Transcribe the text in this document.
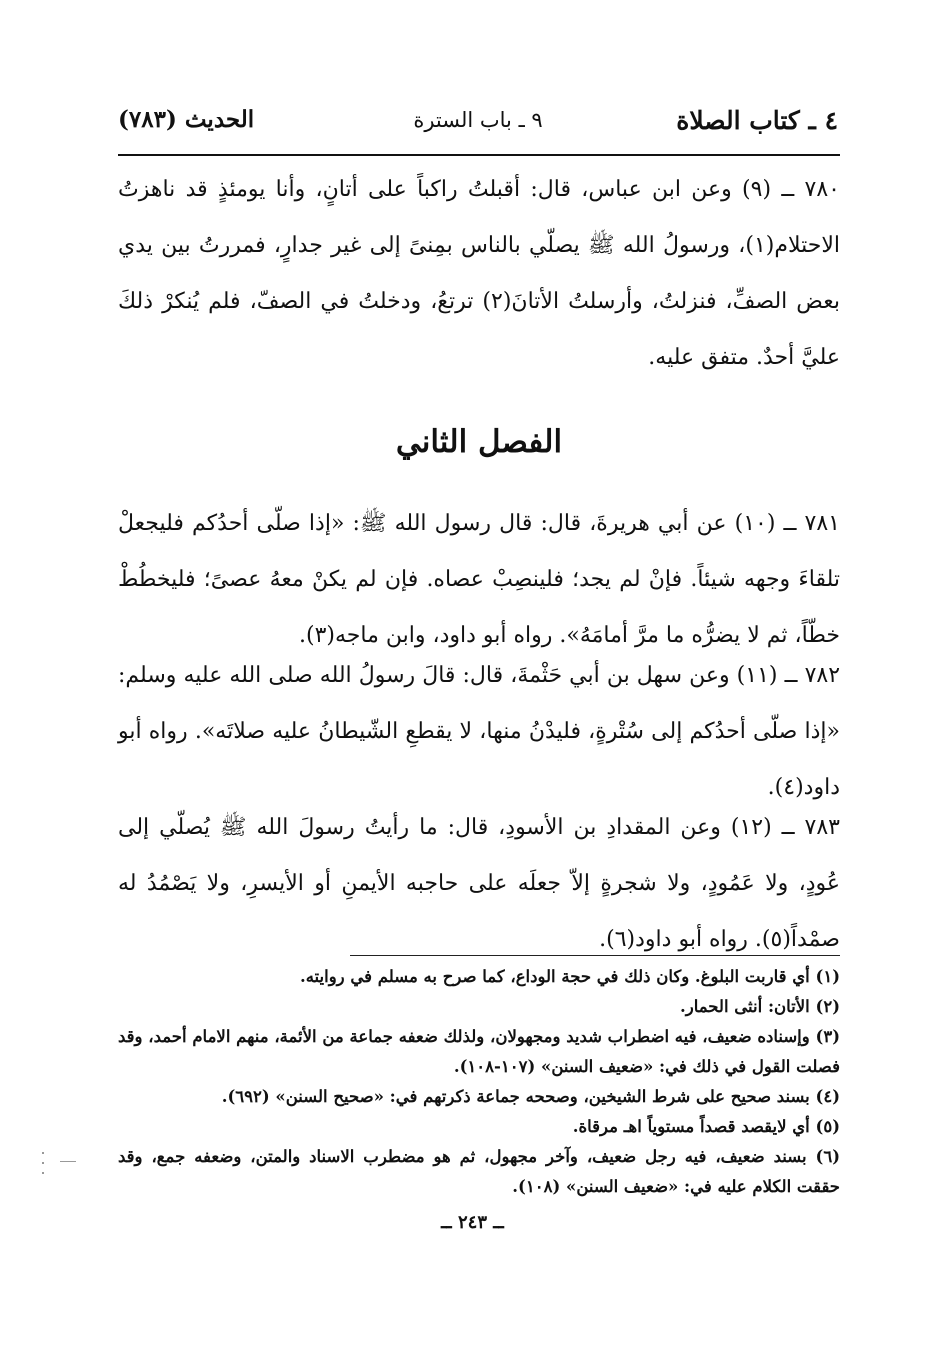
٤ ـ كتاب الصلاة
٩ ـ باب السترة
الحديث (٧٨٣)

٧٨٠ ــ (٩) وعن ابن عباس، قال: أقبلتُ راكباً على أتانٍ، وأنا يومئذٍ قد ناهزتُ الاحتلام(١)، ورسولُ الله ﷺ يصلّي بالناس بمِنىً إلى غير جدارٍ، فمررتُ بين يدي بعض الصفِّ، فنزلتُ، وأرسلتُ الأتانَ(٢) ترتعُ، ودخلتُ في الصفّ، فلم يُنكرْ ذلكَ عليَّ أحدٌ. متفق عليه.

الفصل الثاني

٧٨١ ــ (١٠) عن أبي هريرةَ، قال: قال رسول الله ﷺ: «إذا صلّى أحدُكم فليجعلْ تلقاءَ وجهه شيئاً. فإنْ لم يجد؛ فلينصِبْ عصاه. فإن لم يكنْ معهُ عصىً؛ فليخطُطْ خطّاً، ثم لا يضرُّه ما مرَّ أمامَهُ». رواه أبو داود، وابن ماجه(٣).

٧٨٢ ــ (١١) وعن سهل بن أبي حَثْمةَ، قال: قالَ رسولُ الله صلى الله عليه وسلم: «إذا صلّى أحدُكم إلى سُتْرةٍ، فليدْنُ منها، لا يقطعِ الشّيطانُ عليه صلاتَه». رواه أبو داود(٤).

٧٨٣ ــ (١٢) وعن المقدادِ بن الأسودِ، قال: ما رأيتُ رسولَ الله ﷺ يُصلّي إلى عُودٍ، ولا عَمُودٍ، ولا شجرةٍ إلاّ جعلَه على حاجبه الأيمنِ أو الأيسرِ، ولا يَصْمُدُ له صمْداً(٥). رواه أبو داود(٦).

(١) أي قاربت البلوغ. وكان ذلك في حجة الوداع، كما صرح به مسلم في روايته.

(٢) الأتان: أنثى الحمار.

(٣) وإسناده ضعيف، فيه اضطراب شديد ومجهولان، ولذلك ضعفه جماعة من الأئمة، منهم الامام أحمد، وقد فصلت القول في ذلك في: «ضعيف السنن» (١٠٧-١٠٨).

(٤) بسند صحيح على شرط الشيخين، وصححه جماعة ذكرتهم في: «صحيح السنن» (٦٩٢).

(٥) أي لايقصد قصداً مستوياً اهـ مرقاة.

(٦) بسند ضعيف، فيه رجل ضعيف، وآخر مجهول، ثم هو مضطرب الاسناد والمتن، وضعفه جمع، وقد حققت الكلام عليه في: «ضعيف السنن» (١٠٨).

ــ ٢٤٣ ــ
